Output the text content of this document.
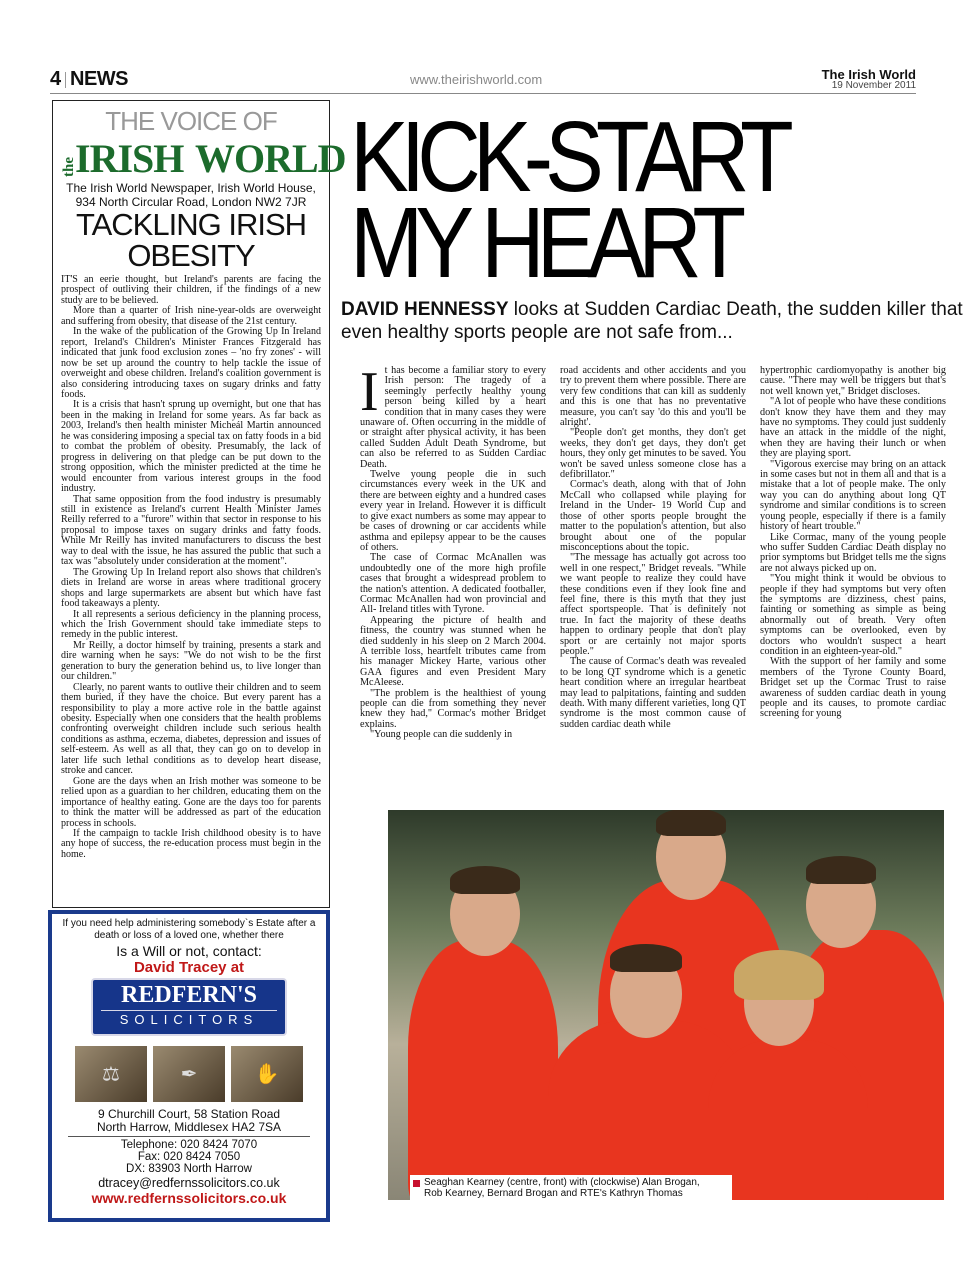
4 NEWS	www.theirishworld.com	The Irish World
19 November 2011
THE VOICE OF
the
IRISH WORLD
The Irish World Newspaper, Irish World House,
934 North Circular Road, London NW2 7JR
TACKLING IRISH
OBESITY

IT'S an eerie thought, but Ireland's parents are facing the prospect of outliving their children, if the findings of a new study are to be believed.

More than a quarter of Irish nine-year-olds are overweight and suffering from obesity, that disease of the 21st century.

In the wake of the publication of the Growing Up In Ireland report, Ireland's Children's Minister Frances Fitzgerald has indicated that junk food exclusion zones – 'no fry zones' - will now be set up around the country to help tackle the issue of overweight and obese children. Ireland's coalition government is also considering introducing taxes on sugary drinks and fatty foods.

It is a crisis that hasn't sprung up overnight, but one that has been in the making in Ireland for some years. As far back as 2003, Ireland's then health minister Micheál Martin announced he was considering imposing a special tax on fatty foods in a bid to combat the problem of obesity. Presumably, the lack of progress in delivering on that pledge can be put down to the strong opposition, which the minister predicted at the time he would encounter from various interest groups in the food industry.

That same opposition from the food industry is presumably still in existence as Ireland's current Health Minister James Reilly referred to a "furore" within that sector in response to his proposal to impose taxes on sugary drinks and fatty foods. While Mr Reilly has invited manufacturers to discuss the best way to deal with the issue, he has assured the public that such a tax was "absolutely under consideration at the moment".

The Growing Up In Ireland report also shows that children's diets in Ireland are worse in areas where traditional grocery shops and large supermarkets are absent but which have fast food takeaways a plenty.

It all represents a serious deficiency in the planning process, which the Irish Government should take immediate steps to remedy in the public interest.

Mr Reilly, a doctor himself by training, presents a stark and dire warning when he says: "We do not wish to be the first generation to bury the generation behind us, to live longer than our children."

Clearly, no parent wants to outlive their children and to seem them buried, if they have the choice. But every parent has a responsibility to play a more active role in the battle against obesity. Especially when one considers that the health problems confronting overweight children include such serious health conditions as asthma, eczema, diabetes, depression and issues of self-esteem. As well as all that, they can go on to develop in later life such lethal conditions as to develop heart disease, stroke and cancer.

Gone are the days when an Irish mother was someone to be relied upon as a guardian to her children, educating them on the importance of healthy eating. Gone are the days too for parents to think the matter will be addressed as part of the education process in schools.

If the campaign to tackle Irish childhood obesity is to have any hope of success, the re-education process must begin in the home.

If you need help administering somebody`s Estate after a death or loss of a loved one, whether there
Is a Will or not, contact:
David Tracey at
REDFERN'S
SOLICITORS
⚖	✒	✋
9 Churchill Court, 58 Station Road
North Harrow, Middlesex HA2 7SA
Telephone: 020 8424 7070
Fax: 020 8424 7050
DX: 83903 North Harrow
dtracey@redfernssolicitors.co.uk
www.redfernssolicitors.co.uk
KICK-START
MY HEART
DAVID HENNESSY looks at Sudden Cardiac Death, the sudden killer that even healthy sports people are not safe from...
I t has become a familiar story to every Irish person: The tragedy of a seemingly perfectly healthy young person being killed by a heart condition that in many cases they were unaware of. Often occurring in the middle of or straight after physical activity, it has been called Sudden Adult Death Syndrome, but can also be referred to as Sudden Cardiac Death.

Twelve young people die in such circumstances every week in the UK and there are between eighty and a hundred cases every year in Ireland. However it is difficult to give exact numbers as some may appear to be cases of drowning or car accidents while asthma and epilepsy appear to be the causes of others.

The case of Cormac McAnallen was undoubtedly one of the more high profile cases that brought a widespread problem to the nation's attention. A dedicated footballer, Cormac McAnallen had won provincial and All- Ireland titles with Tyrone.

Appearing the picture of health and fitness, the country was stunned when he died suddenly in his sleep on 2 March 2004. A terrible loss, heartfelt tributes came from his manager Mickey Harte, various other GAA figures and even President Mary McAleese.

"The problem is the healthiest of young people can die from something they never knew they had," Cormac's mother Bridget explains.

"Young people can die suddenly in

road accidents and other accidents and you try to prevent them where possible. There are very few conditions that can kill as suddenly and this is one that has no preventative measure, you can't say 'do this and you'll be alright'.

"People don't get months, they don't get weeks, they don't get days, they don't get hours, they only get minutes to be saved. You won't be saved unless someone close has a defibrillator."

Cormac's death, along with that of John McCall who collapsed while playing for Ireland in the Under- 19 World Cup and those of other sports people brought the matter to the population's attention, but also brought about one of the popular misconceptions about the topic.

"The message has actually got across too well in one respect," Bridget reveals. "While we want people to realize they could have these conditions even if they look fine and feel fine, there is this myth that they just affect sportspeople. That is definitely not true. In fact the majority of these deaths happen to ordinary people that don't play sport or are certainly not major sports people."

The cause of Cormac's death was revealed to be long QT syndrome which is a genetic heart condition where an irregular heartbeat may lead to palpitations, fainting and sudden death. With many different varieties, long QT syndrome is the most common cause of sudden cardiac death while

hypertrophic cardiomyopathy is another big cause. "There may well be triggers but that's not well known yet," Bridget discloses.

"A lot of people who have these conditions don't know they have them and they may have no symptoms. They could just suddenly have an attack in the middle of the night, when they are having their lunch or when they are playing sport.

"Vigorous exercise may bring on an attack in some cases but not in them all and that is a mistake that a lot of people make. The only way you can do anything about long QT syndrome and similar conditions is to screen young people, especially if there is a family history of heart trouble."

Like Cormac, many of the young people who suffer Sudden Cardiac Death display no prior symptoms but Bridget tells me the signs are not always picked up on.

"You might think it would be obvious to people if they had symptoms but very often the symptoms are dizziness, chest pains, fainting or something as simple as being abnormally out of breath. Very often symptoms can be overlooked, even by doctors who wouldn't suspect a heart condition in an eighteen-year-old."

With the support of her family and some members of the Tyrone County Board, Bridget set up the Cormac Trust to raise awareness of sudden cardiac death in young people and its causes, to promote cardiac screening for young

Seaghan Kearney (centre, front) with (clockwise) Alan Brogan,
Rob Kearney, Bernard Brogan and RTE's Kathryn Thomas
